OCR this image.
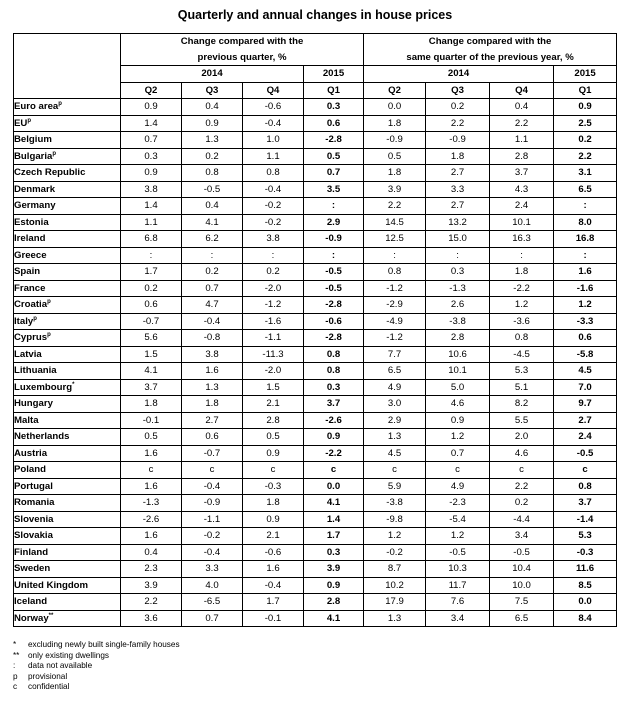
Quarterly and annual changes in house prices
	Change compared with the
previous quarter, %				Change compared with the
same quarter of the previous year, %			
	2014			2015	2014			2015
	Q2	Q3	Q4	Q1	Q2	Q3	Q4	Q1
Euro area$^p$	0.9	0.4	-0.6	0.3	0.0	0.2	0.4	0.9
$EU^p$	1.4	0.9	-0.4	0.6	1.8	2.2	2.2	2.5
Belgium	0.7	1.3	1.0	-2.8	-0.9	-0.9	1.1	0.2
Bulgaria$^p$	0.3	0.2	1.1	0.5	0.5	1.8	2.8	2.2
Czech Republic	0.9	0.8	0.8	0.7	1.8	2.7	3.7	3.1
Denmark	3.8	-0.5	-0.4	3.5	3.9	3.3	4.3	6.5
Germany	1.4	0.4	-0.2	:	2.2	2.7	2.4	:
Estonia	1.1	4.1	-0.2	2.9	14.5	13.2	10.1	8.0
Ireland	6.8	6.2	3.8	-0.9	12.5	15.0	16.3	16.8
Greece	:	:	:	:	:	:	:	:
Spain	1.7	0.2	0.2	-0.5	0.8	0.3	1.8	1.6
France	0.2	0.7	-2.0	-0.5	-1.2	-1.3	-2.2	-1.6
Croatia$^p$	0.6	4.7	-1.2	-2.8	-2.9	2.6	1.2	1.2
Italy$^p$	-0.7	-0.4	-1.6	-0.6	-4.9	-3.8	-3.6	-3.3
Cyprus$^p$	5.6	-0.8	-1.1	-2.8	-1.2	2.8	0.8	0.6
Latvia	1.5	3.8	-11.3	0.8	7.7	10.6	-4.5	-5.8
Lithuania	4.1	1.6	-2.0	0.8	6.5	10.1	5.3	4.5
Luxembourg*	3.7	1.3	1.5	0.3	4.9	5.0	5.1	7.0
Hungary	1.8	1.8	2.1	3.7	3.0	4.6	8.2	9.7
Malta	-0.1	2.7	2.8	-2.6	2.9	0.9	5.5	2.7
Netherlands	0.5	0.6	0.5	0.9	1.3	1.2	2.0	2.4
Austria	1.6	-0.7	0.9	-2.2	4.5	0.7	4.6	-0.5
Poland	c	c	c	c	c	c	c	c
Portugal	1.6	-0.4	-0.3	0.0	5.9	4.9	2.2	0.8
Romania	-1.3	-0.9	1.8	4.1	-3.8	-2.3	0.2	3.7
Slovenia	-2.6	-1.1	0.9	1.4	-9.8	-5.4	-4.4	-1.4
Slovakia	1.6	-0.2	2.1	1.7	1.2	1.2	3.4	5.3
Finland	0.4	-0.4	-0.6	0.3	-0.2	-0.5	-0.5	-0.3
Sweden	2.3	3.3	1.6	3.9	8.7	10.3	10.4	11.6
United Kingdom	3.9	4.0	-0.4	0.9	10.2	11.7	10.0	8.5
Iceland	2.2	-6.5	1.7	2.8	17.9	7.6	7.5	0.0
Norway**	3.6	0.7	-0.1	4.1	1.3	3.4	6.5	8.4
*	excluding newly built single-family houses
**	only existing dwellings
:	data not available
p	provisional
c	confidential
